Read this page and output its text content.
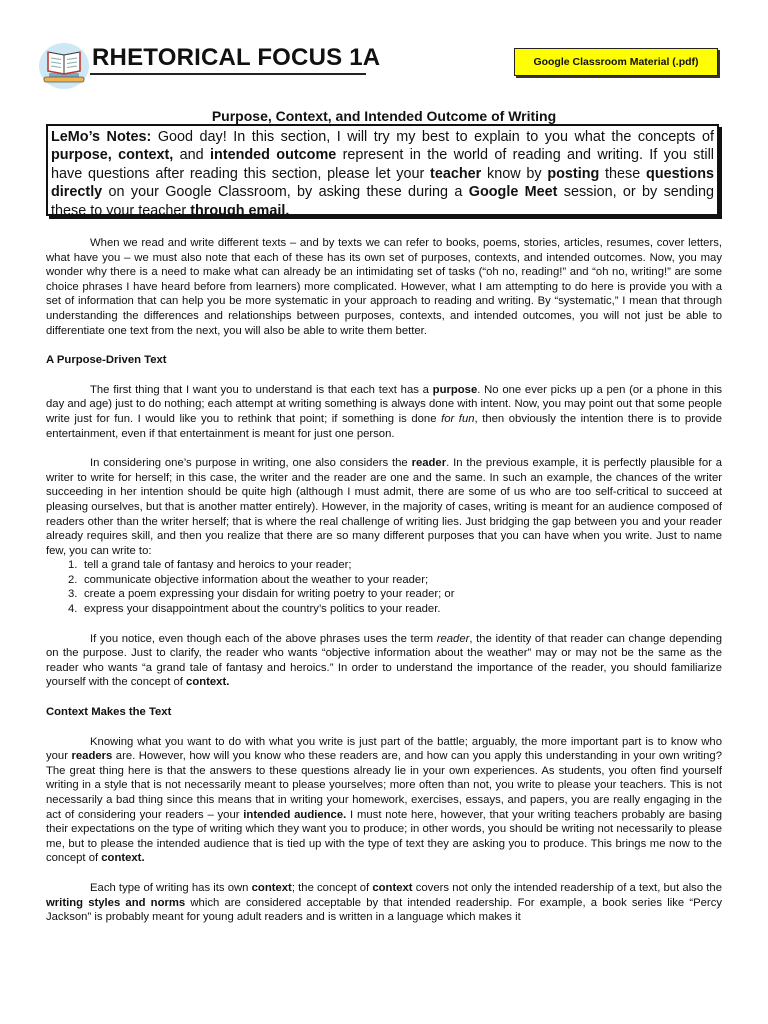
RHETORICAL FOCUS 1A	Google Classroom Material (.pdf)
Purpose, Context, and Intended Outcome of Writing
LeMo’s Notes: Good day! In this section, I will try my best to explain to you what the concepts of purpose, context, and intended outcome represent in the world of reading and writing. If you still have questions after reading this section, please let your teacher know by posting these questions directly on your Google Classroom, by asking these during a Google Meet session, or by sending these to your teacher through email.

When we read and write different texts – and by texts we can refer to books, poems, stories, articles, resumes, cover letters, what have you – we must also note that each of these has its own set of purposes, contexts, and intended outcomes. Now, you may wonder why there is a need to make what can already be an intimidating set of tasks (“oh no, reading!” and “oh no, writing!” are some choice phrases I have heard before from learners) more complicated. However, what I am attempting to do here is provide you with a set of information that can help you be more systematic in your approach to reading and writing. By “systematic,” I mean that through understanding the differences and relationships between purposes, contexts, and intended outcomes, you will not just be able to differentiate one text from the next, you will also be able to write them better.

A Purpose-Driven Text

The first thing that I want you to understand is that each text has a purpose. No one ever picks up a pen (or a phone in this day and age) just to do nothing; each attempt at writing something is always done with intent. Now, you may point out that some people write just for fun. I would like you to rethink that point; if something is done for fun, then obviously the intention there is to provide entertainment, even if that entertainment is meant for just one person.

In considering one’s purpose in writing, one also considers the reader. In the previous example, it is perfectly plausible for a writer to write for herself; in this case, the writer and the reader are one and the same. In such an example, the chances of the writer succeeding in her intention should be quite high (although I must admit, there are some of us who are too self-critical to succeed at pleasing ourselves, but that is another matter entirely). However, in the majority of cases, writing is meant for an audience composed of readers other than the writer herself; that is where the real challenge of writing lies. Just bridging the gap between you and your reader already requires skill, and then you realize that there are so many different purposes that you can have when you write. Just to name few, you can write to:

1. tell a grand tale of fantasy and heroics to your reader;
2. communicate objective information about the weather to your reader;
3. create a poem expressing your disdain for writing poetry to your reader; or
4. express your disappointment about the country’s politics to your reader.

If you notice, even though each of the above phrases uses the term reader, the identity of that reader can change depending on the purpose. Just to clarify, the reader who wants “objective information about the weather” may or may not be the same as the reader who wants “a grand tale of fantasy and heroics.” In order to understand the importance of the reader, you should familiarize yourself with the concept of context.

Context Makes the Text

Knowing what you want to do with what you write is just part of the battle; arguably, the more important part is to know who your readers are. However, how will you know who these readers are, and how can you apply this understanding in your own writing? The great thing here is that the answers to these questions already lie in your own experiences. As students, you often find yourself writing in a style that is not necessarily meant to please yourselves; more often than not, you write to please your teachers. This is not necessarily a bad thing since this means that in writing your homework, exercises, essays, and papers, you are really engaging in the act of considering your readers – your intended audience. I must note here, however, that your writing teachers probably are basing their expectations on the type of writing which they want you to produce; in other words, you should be writing not necessarily to please me, but to please the intended audience that is tied up with the type of text they are asking you to produce. This brings me now to the concept of context.

Each type of writing has its own context; the concept of context covers not only the intended readership of a text, but also the writing styles and norms which are considered acceptable by that intended readership. For example, a book series like “Percy Jackson” is probably meant for young adult readers and is written in a language which makes it
